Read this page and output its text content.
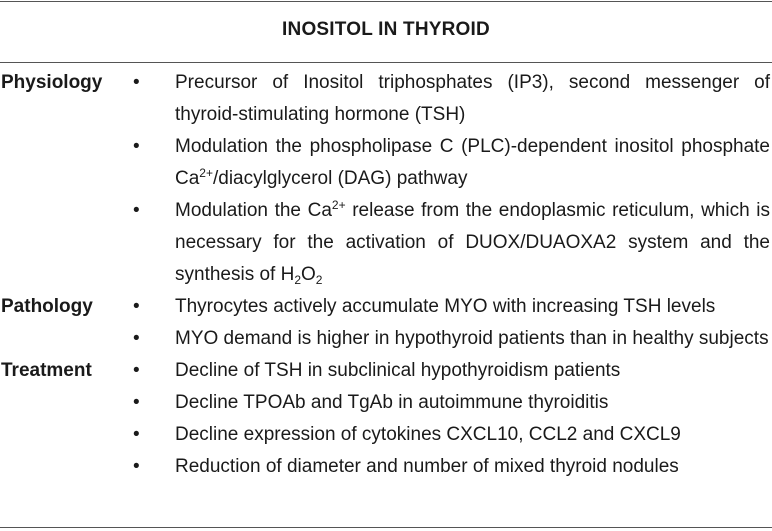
INOSITOL IN THYROID
Physiology	•	Precursor of Inositol triphosphates (IP3), second messenger of thyroid-stimulating hormone (TSH)
•	Modulation the phospholipase C (PLC)-dependent inositol phosphate $Ca^{2+}$/diacylglycerol (DAG) pathway
•	Modulation the $Ca^{2+}$ release from the endoplasmic reticulum, which is necessary for the activation of DUOX/DUAOXA2 system and the synthesis of $H_2O_2$
Pathology	•	Thyrocytes actively accumulate MYO with increasing TSH levels
•	MYO demand is higher in hypothyroid patients than in healthy subjects
Treatment	•	Decline of TSH in subclinical hypothyroidism patients
•	Decline TPOAb and TgAb in autoimmune thyroiditis
•	Decline expression of cytokines CXCL10, CCL2 and CXCL9
•	Reduction of diameter and number of mixed thyroid nodules
